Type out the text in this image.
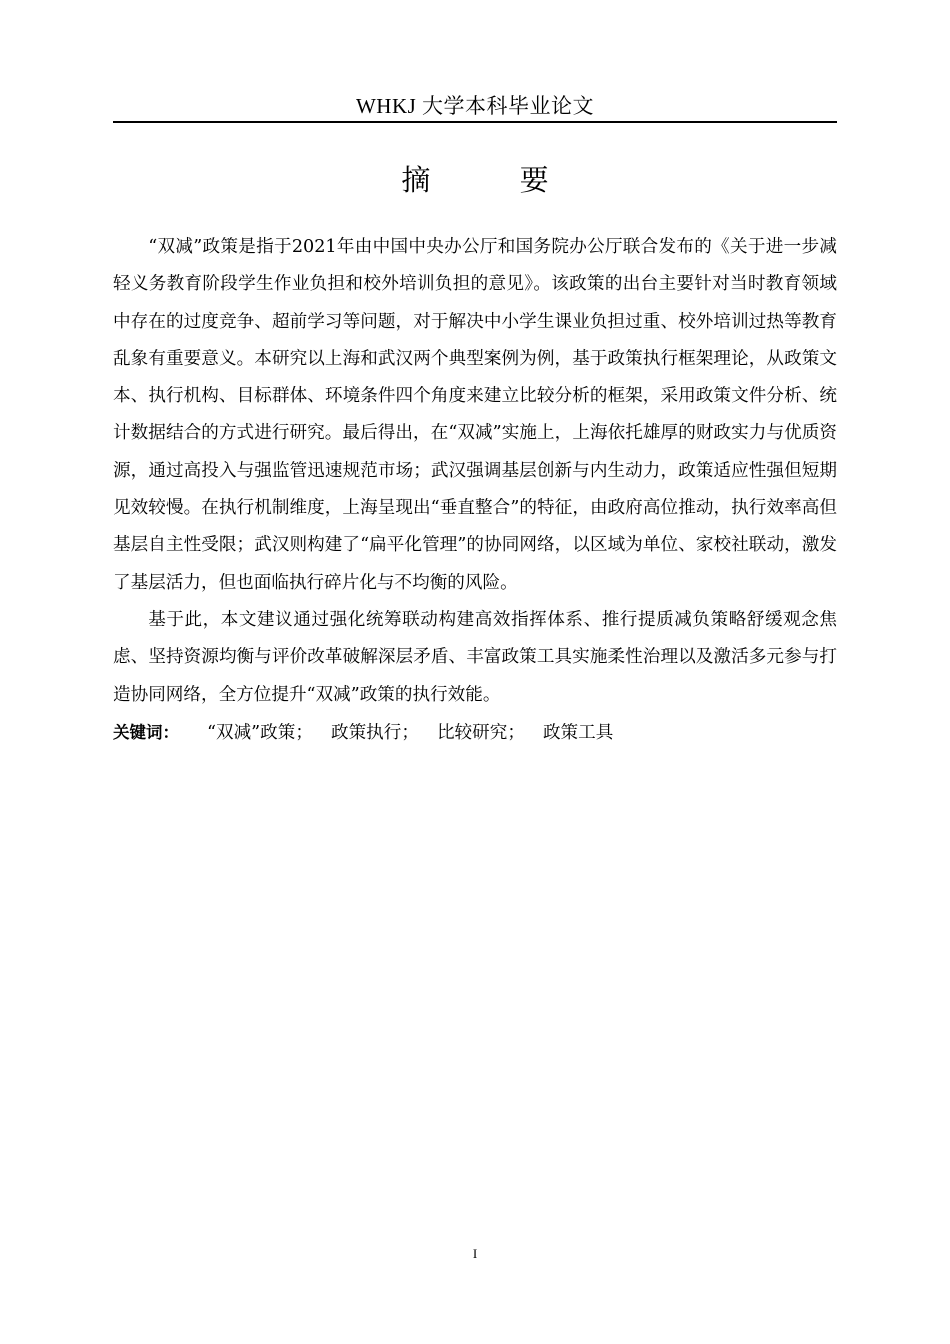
WHKJ 大学本科毕业论文
摘 要

“双减”政策是指于2021年由中国中央办公厅和国务院办公厅联合发布的《关于进一步减轻义务教育阶段学生作业负担和校外培训负担的意见》。该政策的出台主要针对当时教育领域中存在的过度竞争、超前学习等问题，对于解决中小学生课业负担过重、校外培训过热等教育乱象有重要意义。本研究以上海和武汉两个典型案例为例，基于政策执行框架理论，从政策文本、执行机构、目标群体、环境条件四个角度来建立比较分析的框架，采用政策文件分析、统计数据结合的方式进行研究。最后得出，在“双减”实施上，上海依托雄厚的财政实力与优质资源，通过高投入与强监管迅速规范市场；武汉强调基层创新与内生动力，政策适应性强但短期见效较慢。在执行机制维度，上海呈现出“垂直整合”的特征，由政府高位推动，执行效率高但基层自主性受限；武汉则构建了“扁平化管理”的协同网络，以区域为单位、家校社联动，激发了基层活力，但也面临执行碎片化与不均衡的风险。

基于此，本文建议通过强化统筹联动构建高效指挥体系、推行提质减负策略舒缓观念焦虑、坚持资源均衡与评价改革破解深层矛盾、丰富政策工具实施柔性治理以及激活多元参与打造协同网络，全方位提升“双减”政策的执行效能。

关键词： “双减”政策； 政策执行； 比较研究； 政策工具
I
